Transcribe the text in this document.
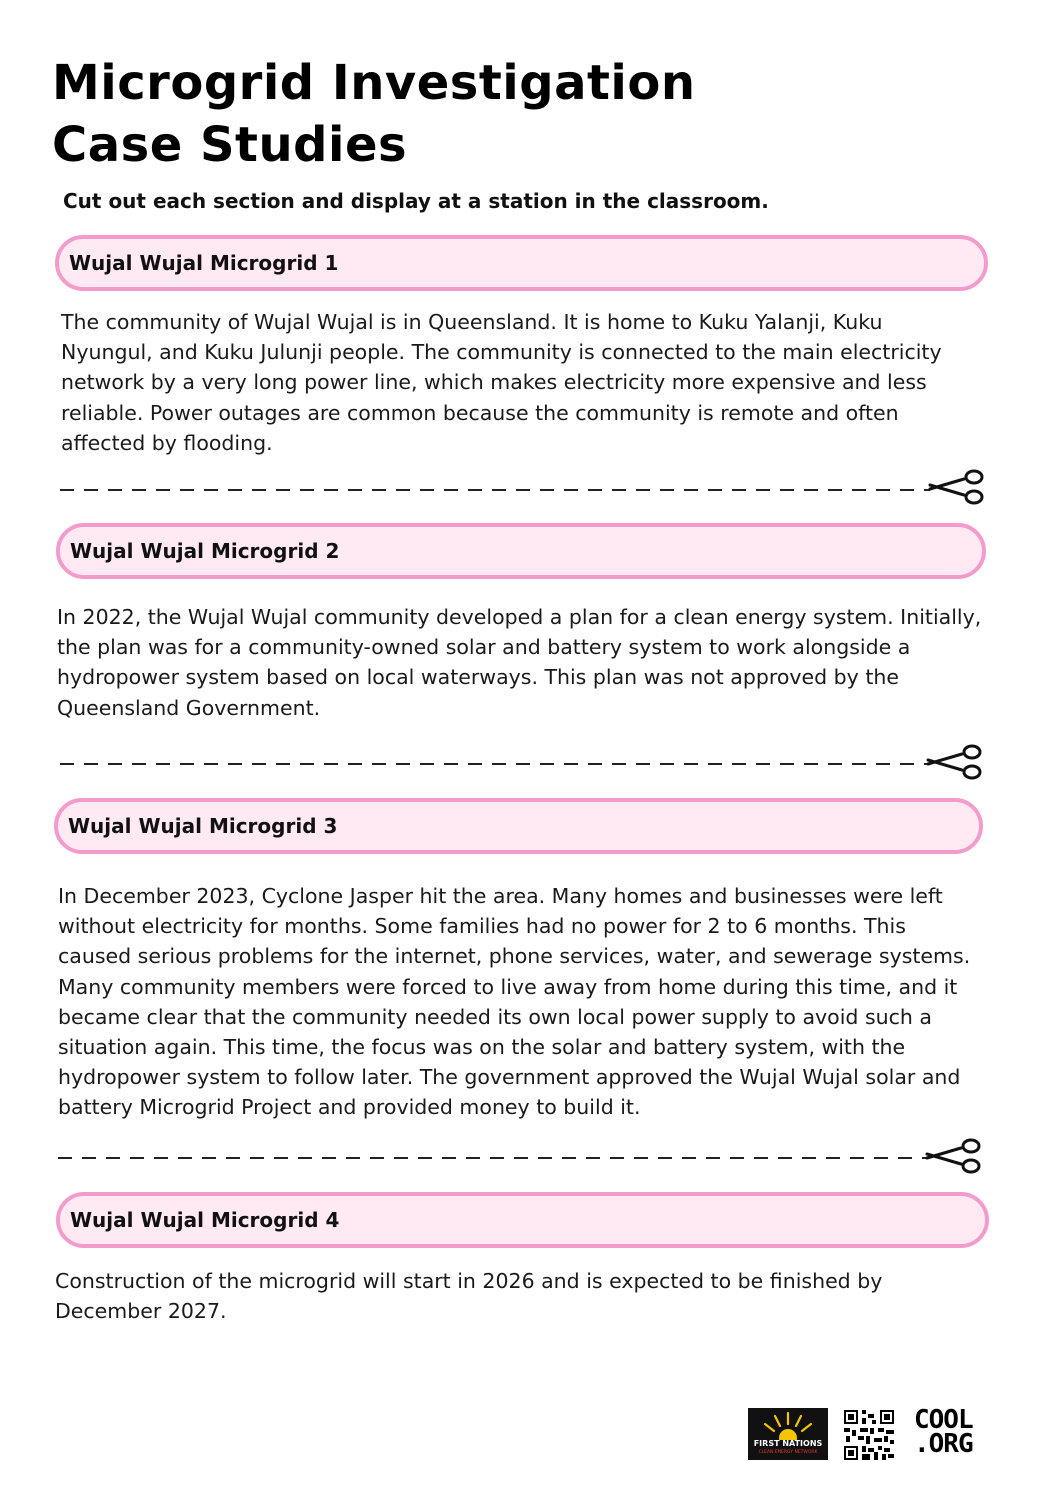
Microgrid Investigation
Case Studies
Cut out each section and display at a station in the classroom.
Wujal Wujal Microgrid 1

The community of Wujal Wujal is in Queensland. It is home to Kuku Yalanji, Kuku
Nyungul, and Kuku Julunji people. The community is connected to the main electricity
network by a very long power line, which makes electricity more expensive and less
reliable. Power outages are common because the community is remote and often
affected by flooding.

Wujal Wujal Microgrid 2

In 2022, the Wujal Wujal community developed a plan for a clean energy system. Initially,
the plan was for a community-owned solar and battery system to work alongside a
hydropower system based on local waterways. This plan was not approved by the
Queensland Government.

Wujal Wujal Microgrid 3

In December 2023, Cyclone Jasper hit the area. Many homes and businesses were left
without electricity for months. Some families had no power for 2 to 6 months. This
caused serious problems for the internet, phone services, water, and sewerage systems.
Many community members were forced to live away from home during this time, and it
became clear that the community needed its own local power supply to avoid such a
situation again. This time, the focus was on the solar and battery system, with the
hydropower system to follow later. The government approved the Wujal Wujal solar and
battery Microgrid Project and provided money to build it.

Wujal Wujal Microgrid 4

Construction of the microgrid will start in 2026 and is expected to be finished by
December 2027.

FIRST NATIONS
CLEAN ENERGY NETWORK
COOL
.ORG
